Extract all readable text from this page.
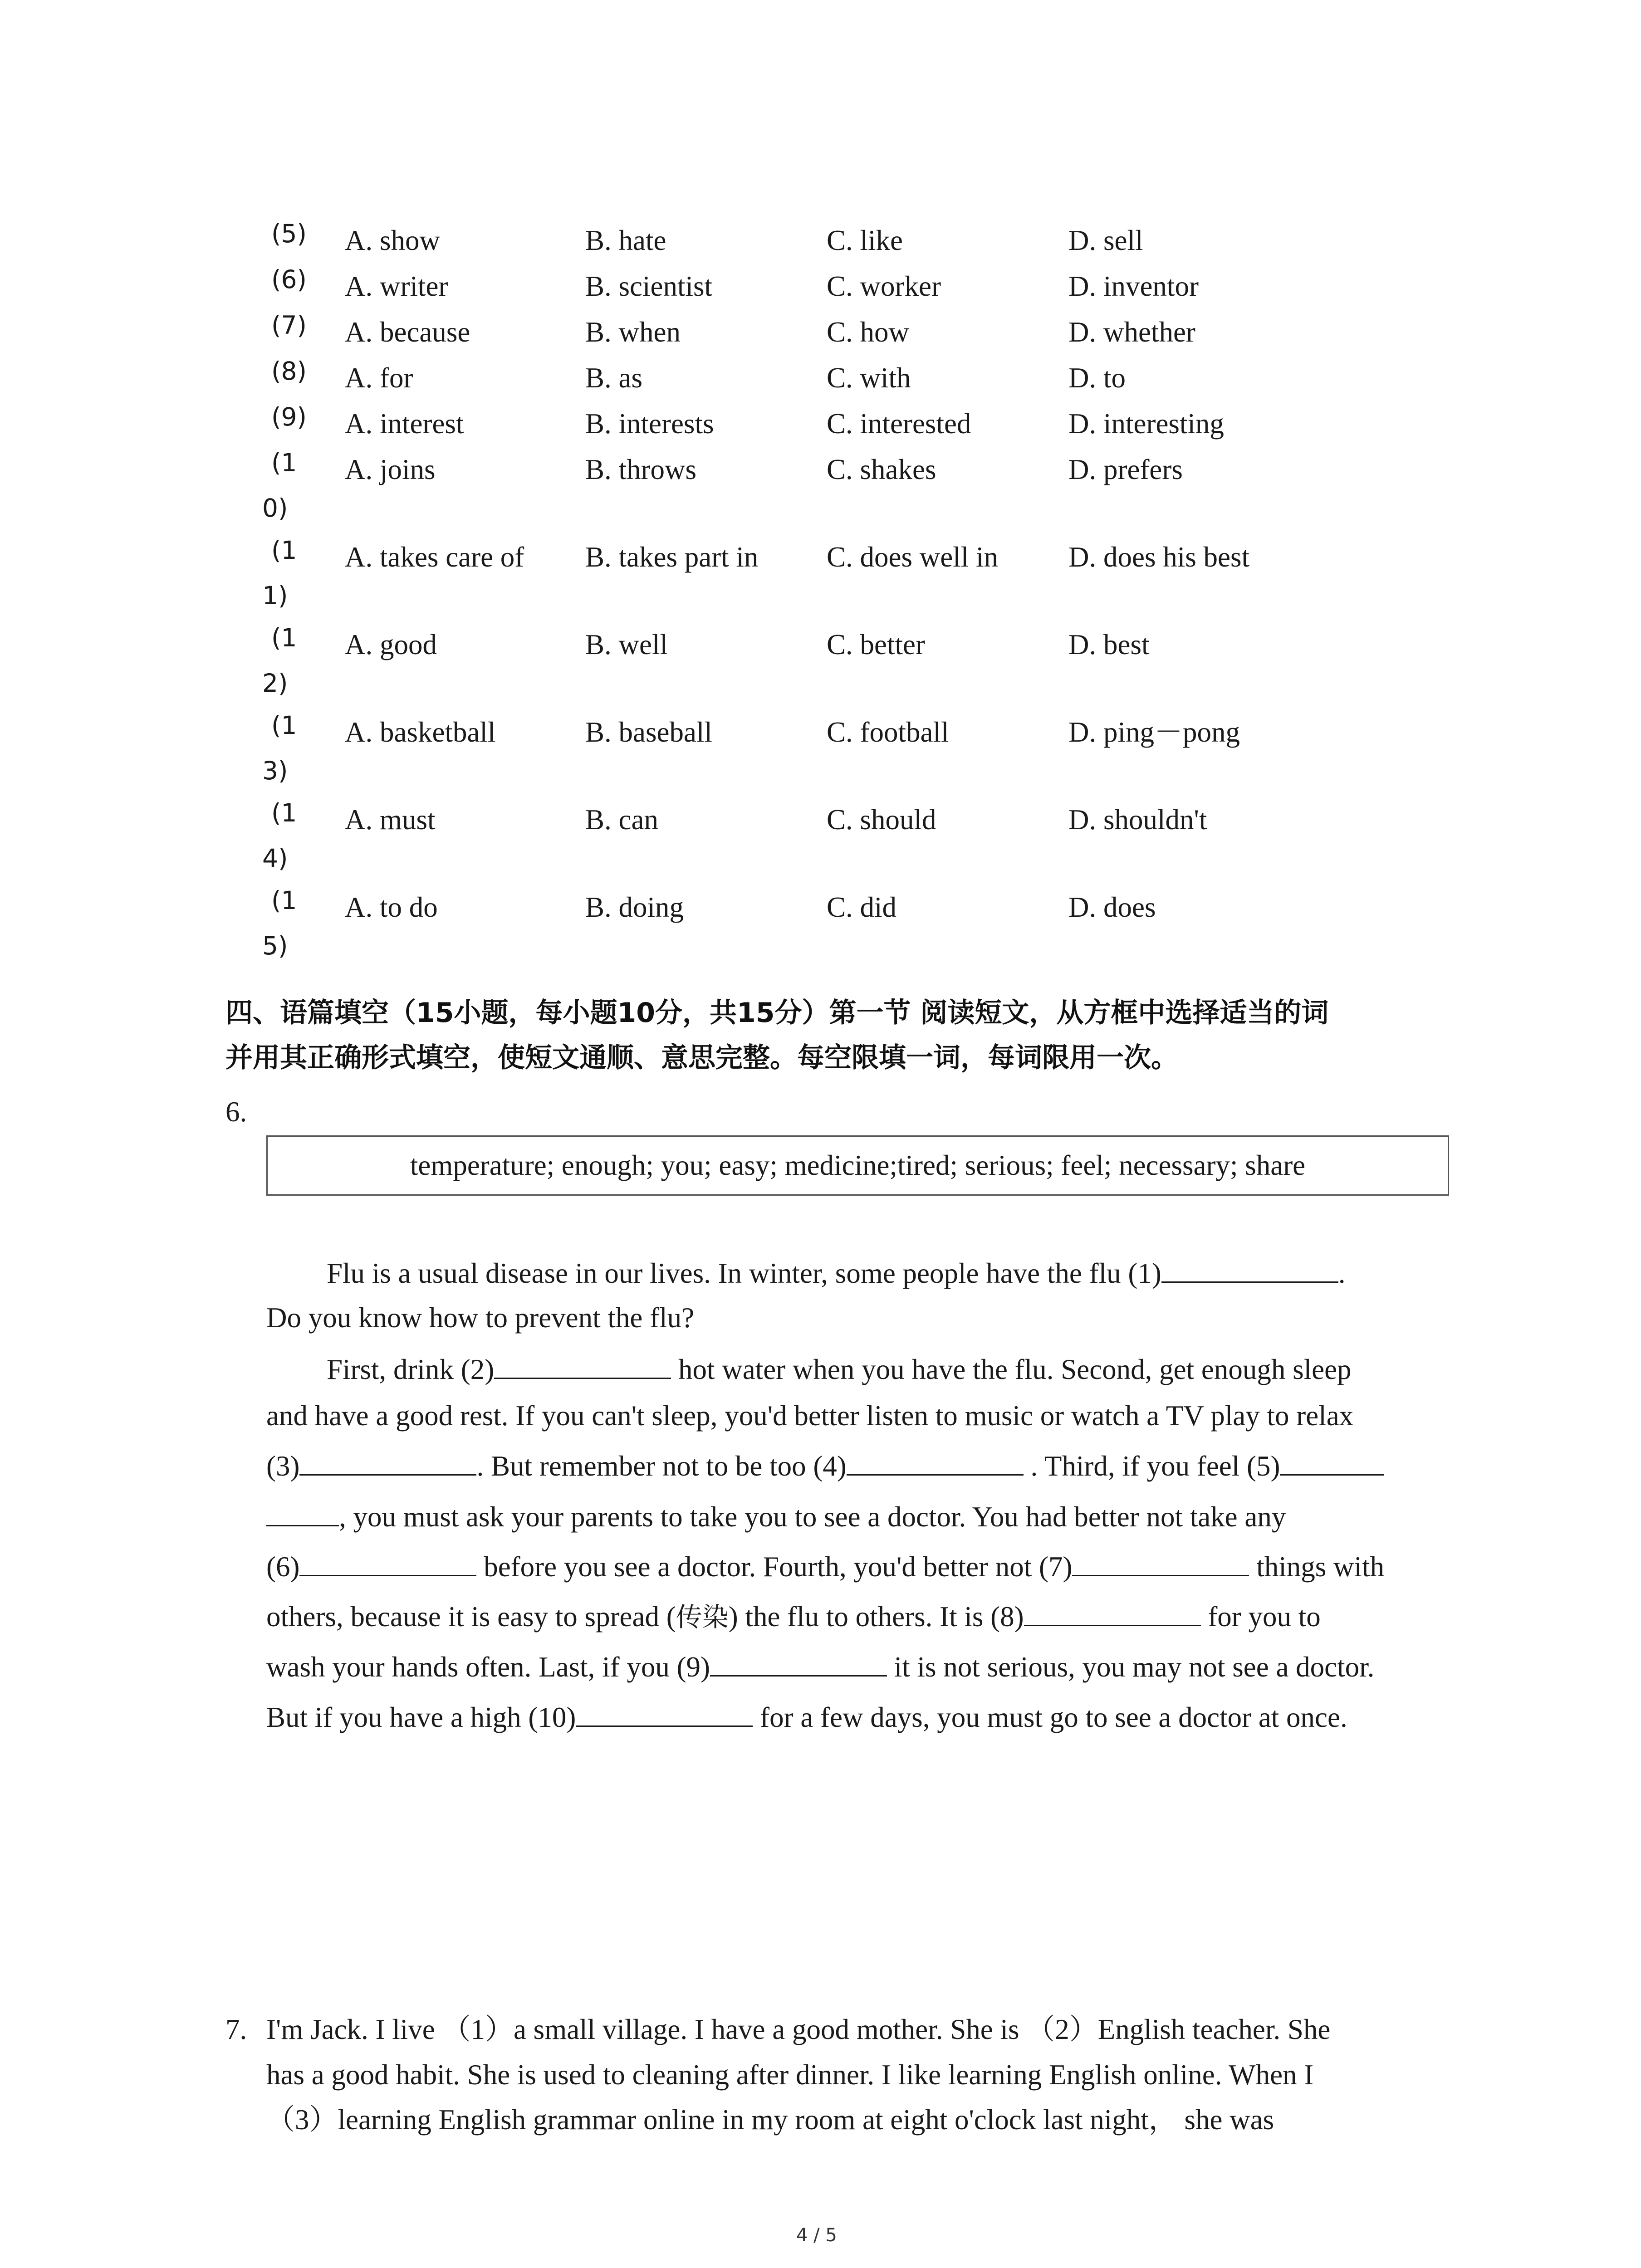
(5) A. show	B. hate	C. like	D. sell
(6) A. writer	B. scientist	C. worker	D. inventor
(7) A. because	B. when	C. how	D. whether
(8) A. for	B. as	C. with	D. to
(9) A. interest	B. interests	C. interested	D. interesting
(1
0)
A. joins	B. throws	C. shakes	D. prefers
(1
1)
A. takes care of B. takes part in C. does well in D. does his best
(1
2)
A. good	B. well	C. better	D. best
(1
3)
A. basketball	B. baseball	C. football	D. ping－pong
(1
4)
A. must	B. can	C. should	D. shouldn't
(1
5)
A. to do	B. doing	C. did	D. does
四、语篇填空（15小题，每小题10分，共15分）第一节 阅读短文，从方框中选择适当的词
并用其正确形式填空，使短文通顺、意思完整。每空限填一词，每词限用一次。
6.
temperature; enough; you; easy; medicine;tired; serious; feel; necessary; share
Flu is a usual disease in our lives. In winter, some people have the flu (1)	.
Do you know how to prevent the flu?
First, drink (2)	hot water when you have the flu. Second, get enough sleep
and have a good rest. If you can't sleep, you'd better listen to music or watch a TV play to relax
(3)	. But remember not to be too (4)	. Third, if you feel (5)
, you must ask your parents to take you to see a doctor. You had better not take any
(6)	before you see a doctor. Fourth, you'd better not (7)	things with
others, because it is easy to spread (传染) the flu to others. It is (8)	for you to
wash your hands often. Last, if you (9)	it is not serious, you may not see a doctor.
But if you have a high (10)	for a few days, you must go to see a doctor at once.
7. I'm Jack. I live （1）a small village. I have a good mother. She is （2）English teacher. She
has a good habit. She is used to cleaning after dinner. I like learning English online. When I
（3）learning English grammar online in my room at eight o'clock last night， she was
4 / 5
